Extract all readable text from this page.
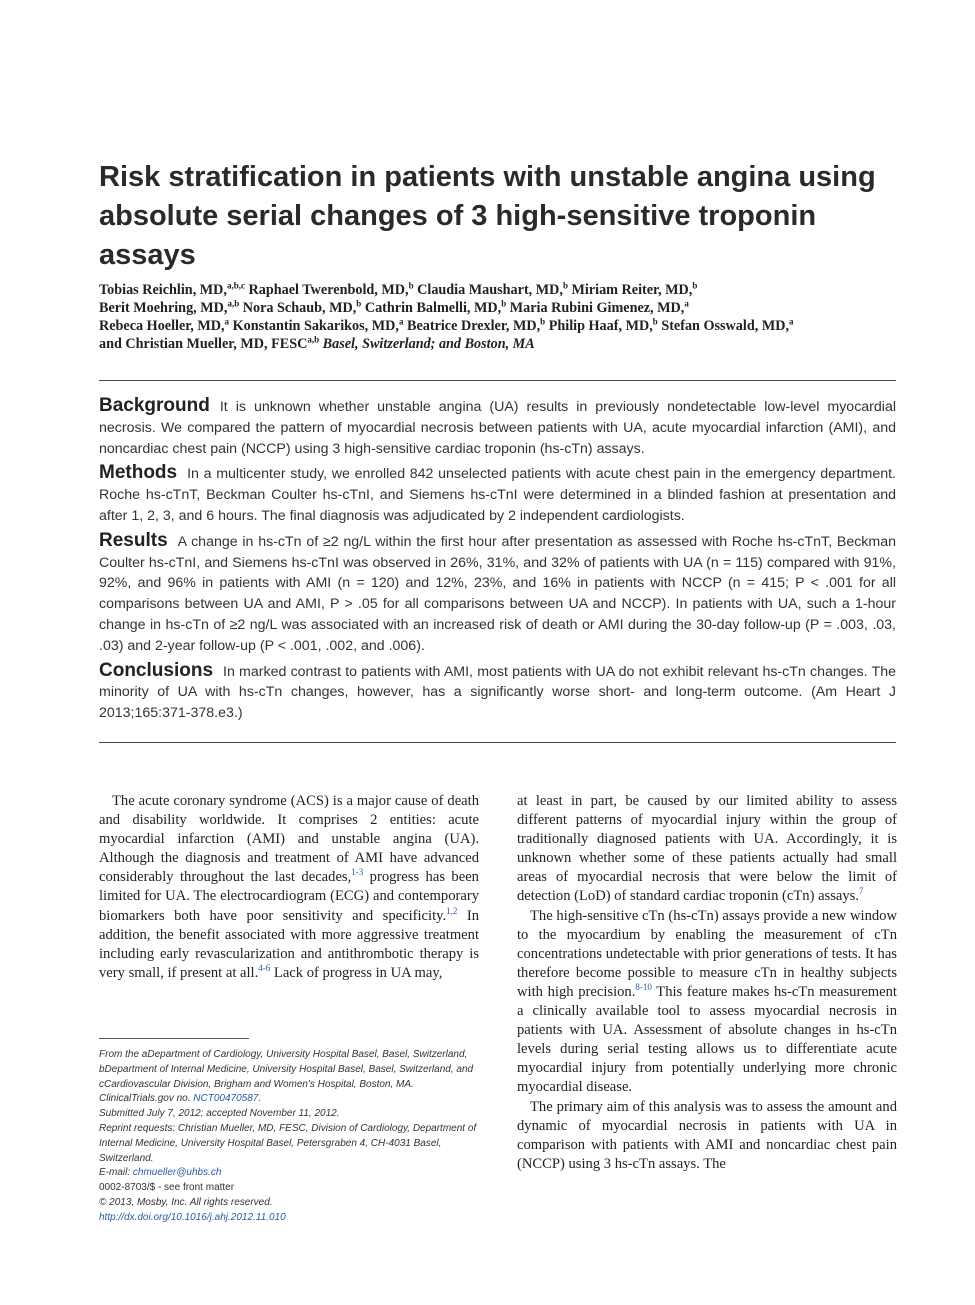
Risk stratification in patients with unstable angina using absolute serial changes of 3 high-sensitive troponin assays
Tobias Reichlin, MD,$^{a,b,c}$ Raphael Twerenbold, MD,$^b$ Claudia Maushart, MD,$^b$ Miriam Reiter, MD,$^b$
Berit Moehring, MD,$^{a,b}$ Nora Schaub, MD,$^b$ Cathrin Balmelli, MD,$^b$ Maria Rubini Gimenez, MD,$^a$
Rebeca Hoeller, MD,$^a$ Konstantin Sakarikos, MD,$^a$ Beatrice Drexler, MD,$^b$ Philip Haaf, MD,$^b$ Stefan Osswald, MD,$^a$
and Christian Mueller, MD, FESC$^{a,b}$ Basel, Switzerland; and Boston, MA

Background It is unknown whether unstable angina (UA) results in previously nondetectable low-level myocardial necrosis. We compared the pattern of myocardial necrosis between patients with UA, acute myocardial infarction (AMI), and noncardiac chest pain (NCCP) using 3 high-sensitive cardiac troponin (hs-cTn) assays.

Methods In a multicenter study, we enrolled 842 unselected patients with acute chest pain in the emergency department. Roche hs-cTnT, Beckman Coulter hs-cTnI, and Siemens hs-cTnI were determined in a blinded fashion at presentation and after 1, 2, 3, and 6 hours. The final diagnosis was adjudicated by 2 independent cardiologists.

Results A change in hs-cTn of ≥2 ng/L within the first hour after presentation as assessed with Roche hs-cTnT, Beckman Coulter hs-cTnI, and Siemens hs-cTnI was observed in 26%, 31%, and 32% of patients with UA (n = 115) compared with 91%, 92%, and 96% in patients with AMI (n = 120) and 12%, 23%, and 16% in patients with NCCP (n = 415; P < .001 for all comparisons between UA and AMI, P > .05 for all comparisons between UA and NCCP). In patients with UA, such a 1-hour change in hs-cTn of ≥2 ng/L was associated with an increased risk of death or AMI during the 30-day follow-up (P = .003, .03, .03) and 2-year follow-up (P < .001, .002, and .006).

Conclusions In marked contrast to patients with AMI, most patients with UA do not exhibit relevant hs-cTn changes. The minority of UA with hs-cTn changes, however, has a significantly worse short- and long-term outcome. (Am Heart J 2013;165:371-378.e3.)

The acute coronary syndrome (ACS) is a major cause of death and disability worldwide. It comprises 2 entities: acute myocardial infarction (AMI) and unstable angina (UA). Although the diagnosis and treatment of AMI have advanced considerably throughout the last decades,$^{1-3}$ progress has been limited for UA. The electrocardiogram (ECG) and contemporary biomarkers both have poor sensitivity and specificity.$^{1,2}$ In addition, the benefit associated with more aggressive treatment including early revascularization and antithrombotic therapy is very small, if present at all.$^{4-6}$ Lack of progress in UA may,

From the aDepartment of Cardiology, University Hospital Basel, Basel, Switzerland, bDepartment of Internal Medicine, University Hospital Basel, Basel, Switzerland, and cCardiovascular Division, Brigham and Women's Hospital, Boston, MA.
ClinicalTrials.gov no. NCT00470587.
Submitted July 7, 2012; accepted November 11, 2012.
Reprint requests: Christian Mueller, MD, FESC, Division of Cardiology, Department of Internal Medicine, University Hospital Basel, Petersgraben 4, CH-4031 Basel, Switzerland.
E-mail: chmueller@uhbs.ch
0002-8703/$ - see front matter
© 2013, Mosby, Inc. All rights reserved.
http://dx.doi.org/10.1016/j.ahj.2012.11.010

at least in part, be caused by our limited ability to assess different patterns of myocardial injury within the group of traditionally diagnosed patients with UA. Accordingly, it is unknown whether some of these patients actually had small areas of myocardial necrosis that were below the limit of detection (LoD) of standard cardiac troponin (cTn) assays.$^7$

The high-sensitive cTn (hs-cTn) assays provide a new window to the myocardium by enabling the measurement of cTn concentrations undetectable with prior generations of tests. It has therefore become possible to measure cTn in healthy subjects with high precision.$^{8-10}$ This feature makes hs-cTn measurement a clinically available tool to assess myocardial necrosis in patients with UA. Assessment of absolute changes in hs-cTn levels during serial testing allows us to differentiate acute myocardial injury from potentially underlying more chronic myocardial disease.

The primary aim of this analysis was to assess the amount and dynamic of myocardial necrosis in patients with UA in comparison with patients with AMI and noncardiac chest pain (NCCP) using 3 hs-cTn assays. The
